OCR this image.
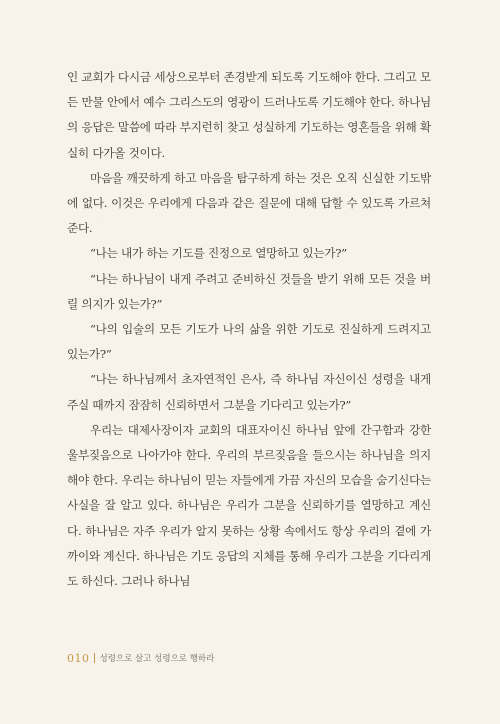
인 교회가 다시금 세상으로부터 존경받게 되도록 기도해야 한다. 그리고 모든 만물 안에서 예수 그리스도의 영광이 드러나도록 기도해야 한다. 하나님의 응답은 말씀에 따라 부지런히 찾고 성실하게 기도하는 영혼들을 위해 확실히 다가올 것이다.

마음을 깨끗하게 하고 마음을 탐구하게 하는 것은 오직 신실한 기도밖에 없다. 이것은 우리에게 다음과 같은 질문에 대해 답할 수 있도록 가르쳐준다.

“나는 내가 하는 기도를 진정으로 열망하고 있는가?”

“나는 하나님이 내게 주려고 준비하신 것들을 받기 위해 모든 것을 버릴 의지가 있는가?”

“나의 입술의 모든 기도가 나의 삶을 위한 기도로 진실하게 드려지고 있는가?”

“나는 하나님께서 초자연적인 은사, 즉 하나님 자신이신 성령을 내게 주실 때까지 잠잠히 신뢰하면서 그분을 기다리고 있는가?”

우리는 대제사장이자 교회의 대표자이신 하나님 앞에 간구함과 강한 울부짖음으로 나아가야 한다. 우리의 부르짖음을 들으시는 하나님을 의지해야 한다. 우리는 하나님이 믿는 자들에게 가끔 자신의 모습을 숨기신다는 사실을 잘 알고 있다. 하나님은 우리가 그분을 신뢰하기를 열망하고 계신다. 하나님은 자주 우리가 알지 못하는 상황 속에서도 항상 우리의 곁에 가까이와 계신다. 하나님은 기도 응답의 지체를 통해 우리가 그분을 기다리게도 하신다. 그러나 하나님

010 성령으로 살고 성령으로 행하라
